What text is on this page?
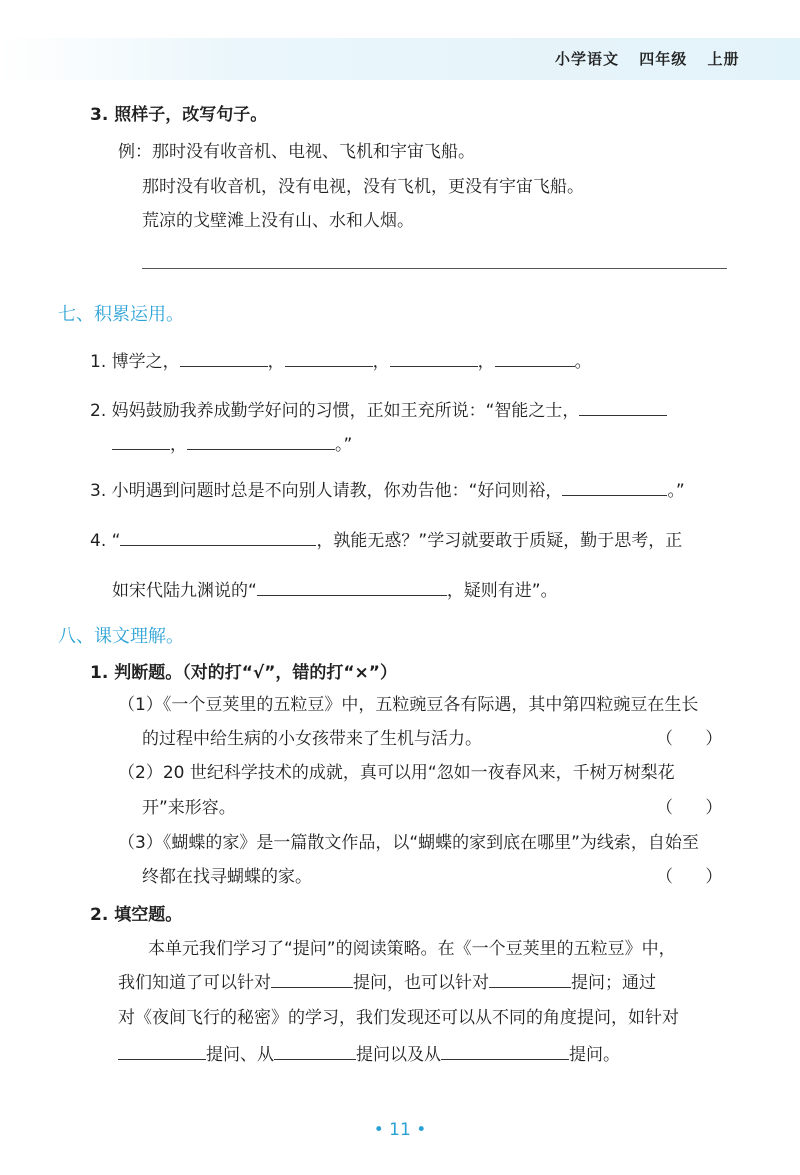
小学语文 四年级 上册
3. 照样子，改写句子。
例：那时没有收音机、电视、飞机和宇宙飞船。
那时没有收音机，没有电视，没有飞机，更没有宇宙飞船。
荒凉的戈壁滩上没有山、水和人烟。
七、积累运用。
1. 博学之，	，	，	，	。
2. 妈妈鼓励我养成勤学好问的习惯，正如王充所说：“智能之士，
，	。”
3. 小明遇到问题时总是不向别人请教，你劝告他：“好问则裕，	。”
4. “	，孰能无惑？”学习就要敢于质疑，勤于思考，正
如宋代陆九渊说的“	，疑则有进”。
八、课文理解。
1. 判断题。（对的打“√”，错的打“×”）
（1）《一个豆荚里的五粒豆》中，五粒豌豆各有际遇，其中第四粒豌豆在生长
的过程中给生病的小女孩带来了生机与活力。	（      ）
（2）20 世纪科学技术的成就，真可以用“忽如一夜春风来，千树万树梨花
开”来形容。	（      ）
（3）《蝴蝶的家》是一篇散文作品，以“蝴蝶的家到底在哪里”为线索，自始至
终都在找寻蝴蝶的家。	（      ）
2. 填空题。
本单元我们学习了“提问”的阅读策略。在《一个豆荚里的五粒豆》中，
我们知道了可以针对	提问，也可以针对	提问；通过
对《夜间飞行的秘密》的学习，我们发现还可以从不同的角度提问，如针对
提问、从	提问以及从	提问。
• 11 •
